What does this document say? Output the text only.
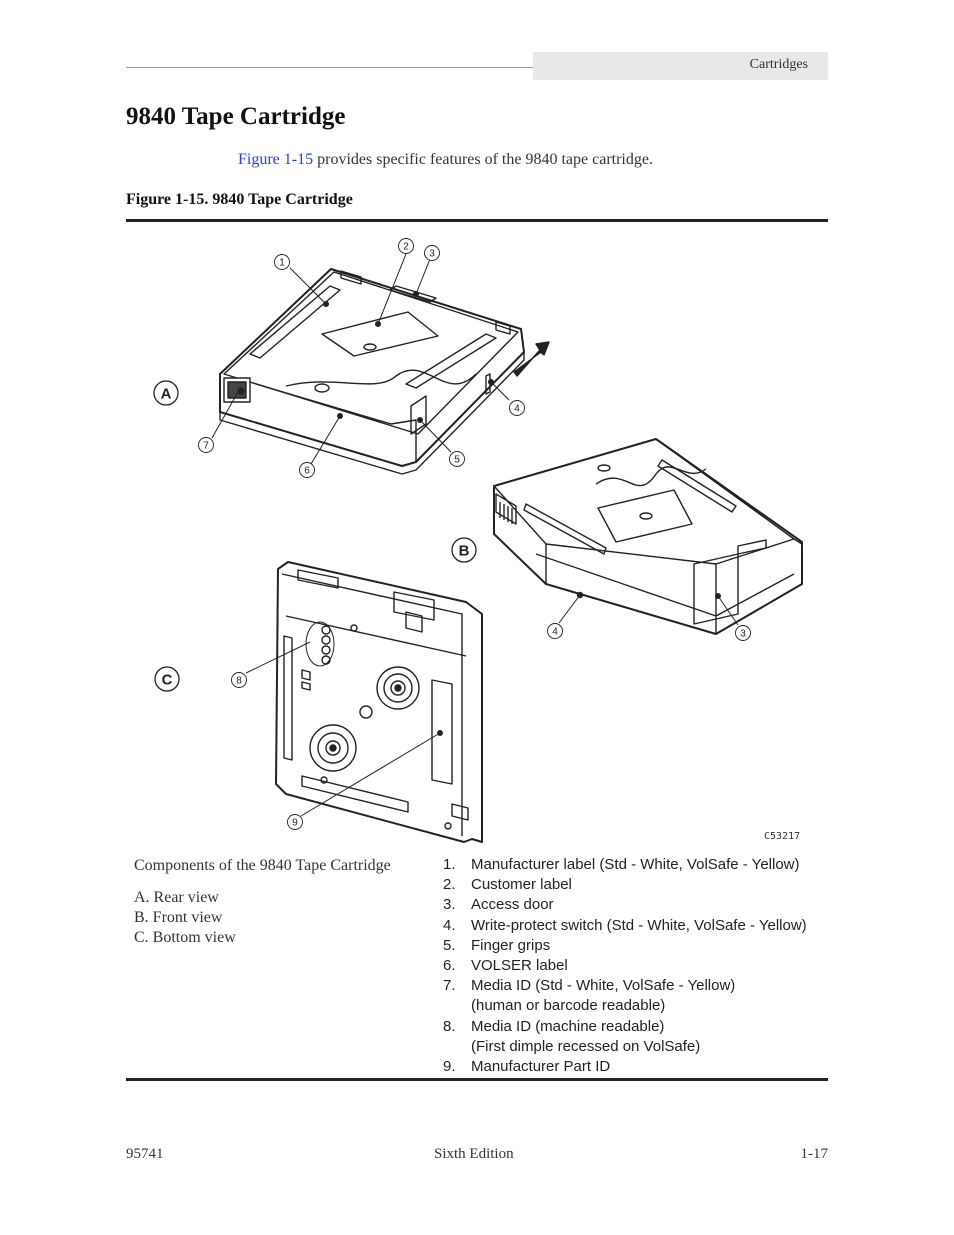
Cartridges
9840 Tape Cartridge
Figure 1-15 provides specific features of the 9840 tape cartridge.
Figure 1-15. 9840 Tape Cartridge
1
2
3
4
5
6
7
8
9
4	3
A
B
C
C53217
Components of the 9840 Tape Cartridge
A. Rear view
B. Front view
C. Bottom view
1. Manufacturer label (Std - White, VolSafe - Yellow)
2. Customer label
3. Access door
4. Write-protect switch (Std - White, VolSafe - Yellow)
5. Finger grips
6. VOLSER label
7. Media ID (Std - White, VolSafe - Yellow)
(human or barcode readable)
8. Media ID (machine readable)
(First dimple recessed on VolSafe)
9. Manufacturer Part ID
95741	Sixth Edition	1-17
